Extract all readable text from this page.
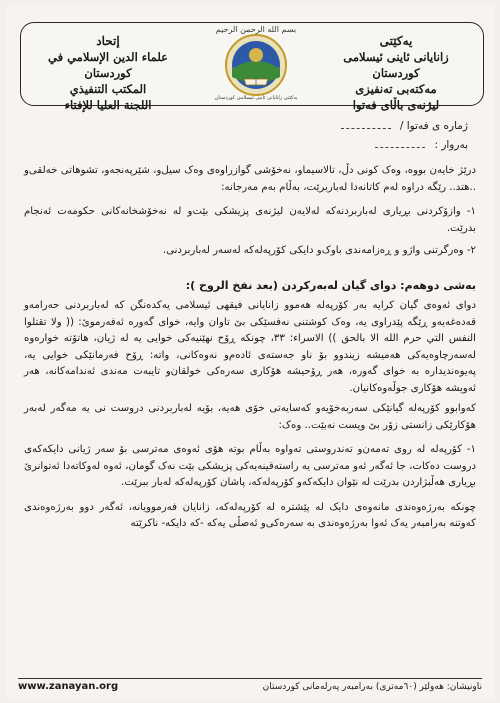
یەکێتی
زانایانی ئاینی ئیسلامی کوردستان
مەکتەبی تەنفیزی
لیژنەی باڵای فەتوا
بسم الله الرحمن الرحيم
یەکێتی زانایانی ئاینی ئیسلامی کوردستان
إتحاد
علماء الدين الإسلامي في كوردستان
المكتب التنفيذي
اللجنة العليا للإفتاء
ژمارە ی فەتوا /
بەروار :

درێژ خایەن بووە، وەک کونی دڵ، تالاسیماو، نەخۆشی گوازراوەی وەک سیل‌و، شێرپەنجەو، تشوهاتی خەلقی‌و ..هتد.. رێگە دراوە لەم کاتانەدا لەباربرێت، بەڵام بەم مەرجانە:

١- وازۆکردنی بڕیاری لەباربردنەکە لەلایەن لیژنەی پزیشکی بێت‌و لە نەخۆشخانەکانی حکومەت ئەنجام بدرێت.

٢- وەرگرتنی واژو و ڕەزامەندی باوک‌و دایکی کۆرپەلەکە لەسەر لەباربردنی.

بەشی دوهەم: دوای گیان لەبەرکردن (بعد نفخ الروح ):

دوای ئەوەی گیان کرایە بەر کۆرپەلە هەموو زانایانی فیقهی ئیسلامی یەکدەنگن کە لەباربردنی حەرامەو قەدەغەیەو ڕێگە پێدراوی یە، وەک کوشتنی نەفسێکی بێ تاوان وایە، خوای گەورە ئەفەرموێ: (( ولا تقتلوا النفس التي حرم الله الا بالحق )) الاسراء: ٣٣، چونکە ڕۆح نهێنیەکی خوایی یە لە ژیان، هاتۆتە خوارەوە لەسەرچاوەیەکی هەمیشە زیندوو بۆ ناو جەستەی ئادەم‌و نەوەکانی، واتە: ڕۆح فەرمانێکی خوایی یە، پەیوەندیدارە بە خوای گەورە، هەر ڕۆحیشە هۆکاری سەرەکی خولقان‌و تایبەت مەندی ئەندامەکانە، هەر ئەویشە هۆکاری جوڵەوەکانیان.

کەوابوو کۆرپەلە گیانێکی سەربەخۆیەو کەسایەتی خۆی هەیە، بۆیە لەباربردنی دروست نی یە مەگەر لەبەر هۆکارێکی زانستی زۆر بێ ویست نەبێت.. وەک:

١- کۆرپەلە لە روی تەمەن‌و تەندروستی تەواوە بەڵام بوتە هۆی ئەوەی مەترسی بۆ سەر ژیانی دایکەکەی دروست دەکات، جا ئەگەر ئەو مەترسی یە راستەقینەیەکی پزیشکی بێت نەک گومان، ئەوە لەوکاتەدا ئەتوانرێ بڕیاری هەڵبژاردن بدرێت لە نێوان دایکەکەو کۆرپەلەکە، پاشان کۆرپەلەکە لەبار ببرێت.

چونکە بەرژەوەندی مانەوەی دایک لە پێشترە لە کۆرپەلەکە، زانایان فەرموویانە، ئەگەر دوو بەرژەوەندی کەوتنە بەرامبەر یەک ئەوا بەرژەوەندی بە سەرەکی‌و ئەصڵی یەکە -کە دایکە- ناکرێتە

ناونیشان: هەولێر (٦٠مەتری) بەرامبەر پەرلەمانی کوردستان
www.zanayan.org
